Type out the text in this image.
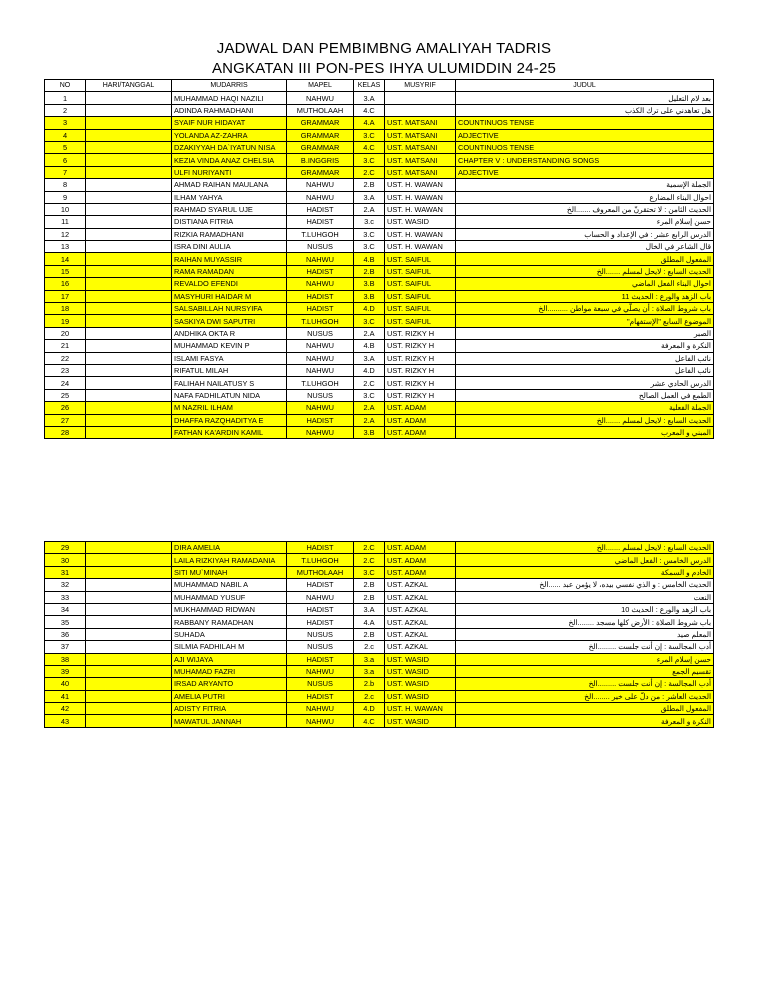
JADWAL DAN PEMBIMBNG AMALIYAH TADRIS
ANGKATAN III PON-PES IHYA ULUMIDDIN 24-25
NO	HARI/TANGGAL	MUDARRIS	MAPEL	KELAS	MUSYRIF	JUDUL
1		MUHAMMAD HAQI NAZILI	NAHWU	3.A		بعد لام التعليل
2		ADINDA RAHMADHANI	MUTHOLAAH	4.C		هل تعاهدني على ترك الكذب
3		SYAIF NUR HIDAYAT	GRAMMAR	4.A	UST. MATSANI	COUNTINUOS TENSE
4		YOLANDA AZ-ZAHRA	GRAMMAR	3.C	UST. MATSANI	ADJECTIVE
5		DZAKIYYAH DA`IYATUN NISA	GRAMMAR	4.C	UST. MATSANI	COUNTINUOS TENSE
6		KEZIA VINDA ANAZ CHELSIA	B.INGGRIS	3.C	UST. MATSANI	CHAPTER V : UNDERSTANDING SONGS
7		ULFI NURIYANTI	GRAMMAR	2.C	UST. MATSANI	ADJECTIVE
8		AHMAD RAIHAN MAULANA	NAHWU	2.B	UST. H. WAWAN	الجملة الإسمية
9		ILHAM YAHYA	NAHWU	3.A	UST. H. WAWAN	احوال البناء المضارع
10		RAHMAD SYARUL UJE	HADIST	2.A	UST. H. WAWAN	الحديث الثامن : لا تحتقرنّ من المعروف .......الخ
11		DISTIANA FITRIA	HADIST	3.c	UST. WASID	حسن إسلام المرء
12		RIZKIA RAMADHANI	T.LUHGOH	3.C	UST. H. WAWAN	الدرس الرابع عشر : في الإعداد و الحساب
13		ISRA DINI AULIA	NUSUS	3.C	UST. H. WAWAN	قال الشاعر في الخال
14		RAIHAN MUYASSIR	NAHWU	4.B	UST. SAIFUL	المفعول المطلق
15		RAMA RAMADAN	HADIST	2.B	UST. SAIFUL	الحديث السابع : لايحل لمسلم .......الخ
16		REVALDO EFENDI	NAHWU	3.B	UST. SAIFUL	احوال البناء الفعل الماضي
17		MASYHURI HAIDAR M	HADIST	3.B	UST. SAIFUL	باب الزهد والورع : الحديث 11
18		SALSABILLAH NURSYIFA	HADIST	4.D	UST. SAIFUL	باب شروط الصلاة : أن يصلّي في سبعة مواطن ..........الخ
19		SASKIYA DWI SAPUTRI	T.LUHGOH	3.C	UST. SAIFUL	الموضوع السابع "الإستفهام"
20		ANDHIKA OKTA R	NUSUS	2.A	UST. RIZKY H	الصبر
21		MUHAMMAD KEVIN P	NAHWU	4.B	UST. RIZKY H	النكرة و المعرفة
22		ISLAMI FASYA	NAHWU	3.A	UST. RIZKY H	نائب الفاعل
23		RIFATUL MILAH	NAHWU	4.D	UST. RIZKY H	نائب الفاعل
24		FALIHAH NAILATUSY S	T.LUHGOH	2.C	UST. RIZKY H	الدرس الحادي عشر
25		NAFA FADHILATUN NIDA	NUSUS	3.C	UST. RIZKY H	الطمع في العمل الصالح
26		M NAZRIL ILHAM	NAHWU	2.A	UST. ADAM	الجملة الفعلية
27		DHAFFA RAZQHADITYA E	HADIST	2.A	UST. ADAM	الحديث السابع : لايحل لمسلم .......الخ
28		FATHAN KA'ARDIN KAMIL	NAHWU	3.B	UST. ADAM	المبني و المعرب
29		DIRA AMELIA	HADIST	2.C	UST. ADAM	الحديث السابع : لايحل لمسلم .......الخ
30		LAILA RIZKIYAH RAMADANIA	T.LUHGOH	2.C	UST. ADAM	الدرس الخامس : الفعل الماضي
31		SITI MU`MINAH	MUTHOLAAH	3.C	UST. ADAM	الخادم و السمكة
32		MUHAMMAD NABIL A	HADIST	2.B	UST. AZKAL	الحديث الخامس : و الذي نفسي بيده، لا يؤمن عبد ......الخ
33		MUHAMMAD YUSUF	NAHWU	2.B	UST. AZKAL	النعت
34		MUKHAMMAD RIDWAN	HADIST	3.A	UST. AZKAL	باب الزهد والورع : الحديث 10
35		RABBANY RAMADHAN	HADIST	4.A	UST. AZKAL	باب شروط الصلاة : الأرض كلها مسجد ........الخ
36		SUHADA	NUSUS	2.B	UST. AZKAL	المعلم صيد
37		SILMIA FADHILAH M	NUSUS	2.c	UST. AZKAL	أدب المجالسة : إن أنت جلست .........الخ
38		AJI WIJAYA	HADIST	3.a	UST. WASID	حسن إسلام المرء
39		MUHAMAD FAZRI	NAHWU	3.a	UST. WASID	تقسيم الجمع
40		IRSAD ARYANTO	NUSUS	2.b	UST. WASID	أدب المجالسة : إن أنت جلست .........الخ
41		AMELIA PUTRI	HADIST	2.c	UST. WASID	الحديث العاشر : من دلّ على خير ........الخ
42		ADISTY FITRIA	NAHWU	4.D	UST. H. WAWAN	المفعول المطلق
43		MAWATUL JANNAH	NAHWU	4.C	UST. WASID	النكرة و المعرفة
